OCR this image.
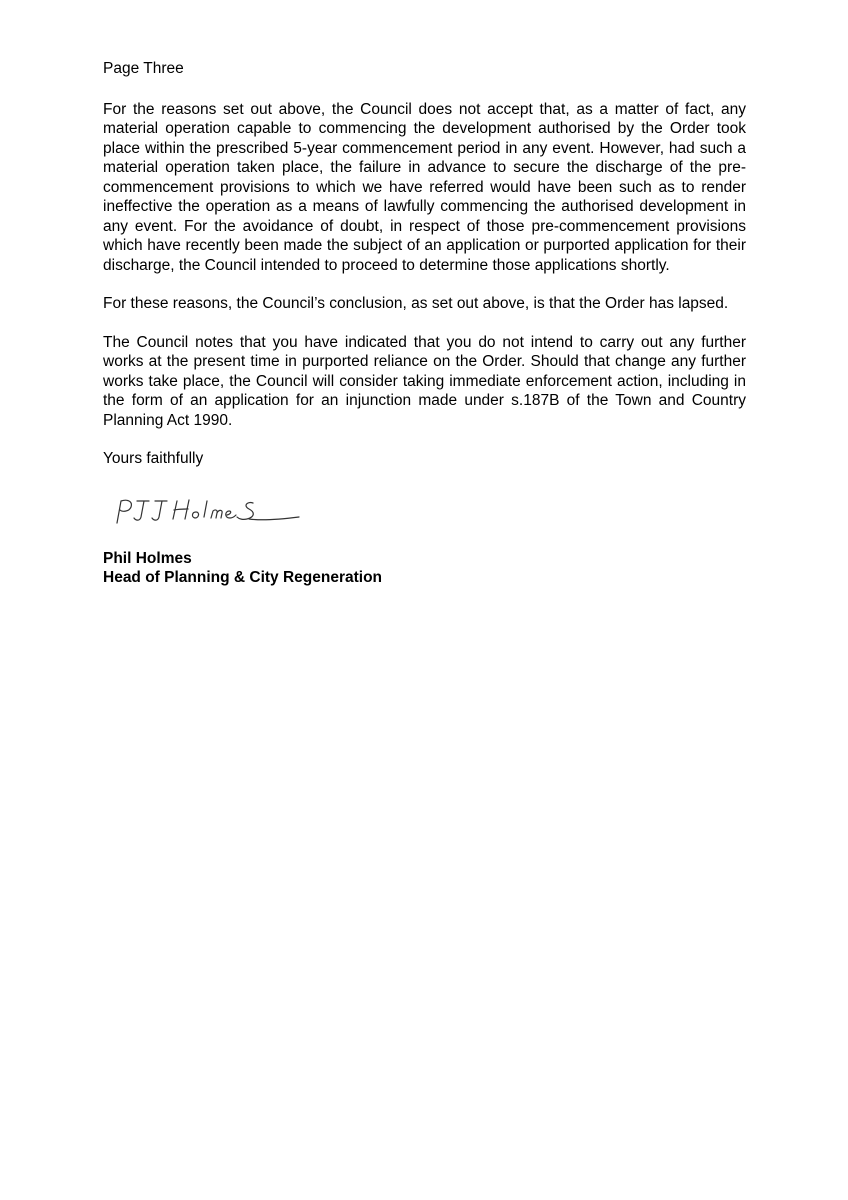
Page Three

For the reasons set out above, the Council does not accept that, as a matter of fact, any material operation capable to commencing the development authorised by the Order took place within the prescribed 5-year commencement period in any event. However, had such a material operation taken place, the failure in advance to secure the discharge of the pre-commencement provisions to which we have referred would have been such as to render ineffective the operation as a means of lawfully commencing the authorised development in any event. For the avoidance of doubt, in respect of those pre-commencement provisions which have recently been made the subject of an application or purported application for their discharge, the Council intended to proceed to determine those applications shortly.

For these reasons, the Council’s conclusion, as set out above, is that the Order has lapsed.

The Council notes that you have indicated that you do not intend to carry out any further works at the present time in purported reliance on the Order. Should that change any further works take place, the Council will consider taking immediate enforcement action, including in the form of an application for an injunction made under s.187B of the Town and Country Planning Act 1990.

Yours faithfully

Phil Holmes

Head of Planning & City Regeneration
